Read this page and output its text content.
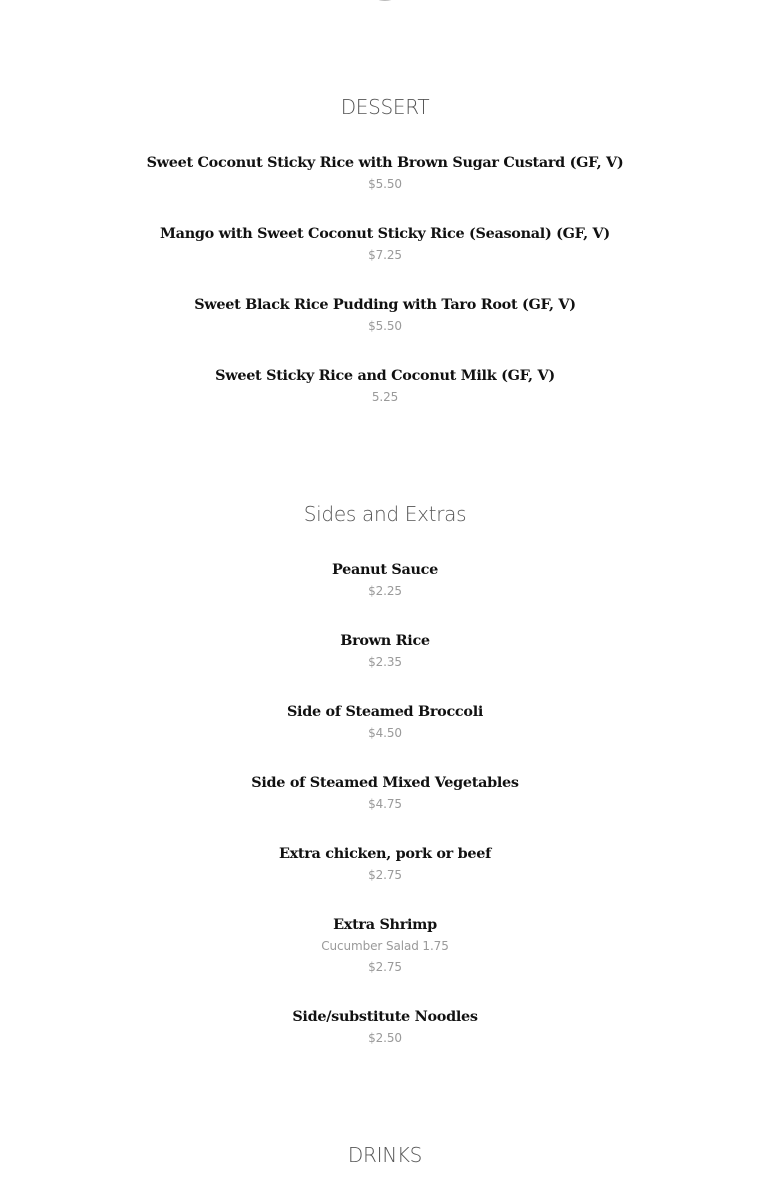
DESSERT
Sweet Coconut Sticky Rice with Brown Sugar Custard (GF, V)
$5.50
Mango with Sweet Coconut Sticky Rice (Seasonal) (GF, V)
$7.25
Sweet Black Rice Pudding with Taro Root (GF, V)
$5.50
Sweet Sticky Rice and Coconut Milk (GF, V)
5.25
Sides and Extras
Peanut Sauce
$2.25
Brown Rice
$2.35
Side of Steamed Broccoli
$4.50
Side of Steamed Mixed Vegetables
$4.75
Extra chicken, pork or beef
$2.75
Extra Shrimp
Cucumber Salad 1.75
$2.75
Side/substitute Noodles
$2.50
DRINKS
